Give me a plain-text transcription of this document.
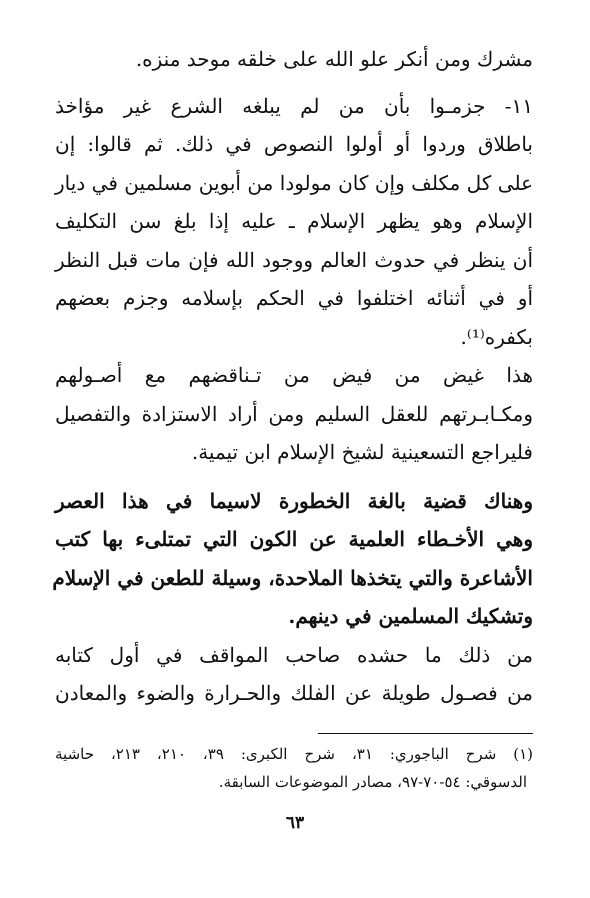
مشرك ومن أنكر علو الله على خلقه موحد منزه.
١١- جزمـوا بأن من لم يبلغه الشرع غير مؤاخذ
باطلاق وردوا أو أولوا النصوص في ذلك. ثم قالوا: إن
على كل مكلف وإن كان مولودا من أبوين مسلمين في ديار
الإسلام وهو يظهر الإسلام ـ عليه إذا بلغ سن التكليف
أن ينظر في حدوث العالم ووجود الله فإن مات قبل النظر
أو في أثنائه اختلفوا في الحكم بإسلامه وجزم بعضهم
بكفره⁽¹⁾.
هذا غيض من فيض من تـناقضهم مع أصـولهم
ومكـابـرتهم للعقل السليم ومن أراد الاستزادة والتفصيل
فليراجع التسعينية لشيخ الإسلام ابن تيمية.
وهناك قضية بالغة الخطورة لاسيما في هذا العصر
وهي الأخـطاء العلمية عن الكون التي تمتلىء بها كتب
الأشاعرة والتي يتخذها الملاحدة، وسيلة للطعن في الإسلام
وتشكيك المسلمين في دينهم.
من ذلك ما حشده صاحب المواقف في أول كتابه
من فصـول طويلة عن الفلك والحـرارة والضوء والمعادن
(١) شرح الباجوري: ٣١، شرح الكبرى: ٣٩، ٢١٠، ٢١٣، حاشية
الدسوقي: ٥٤-٧٠-٩٧، مصادر الموضوعات السابقة.
٦٣
